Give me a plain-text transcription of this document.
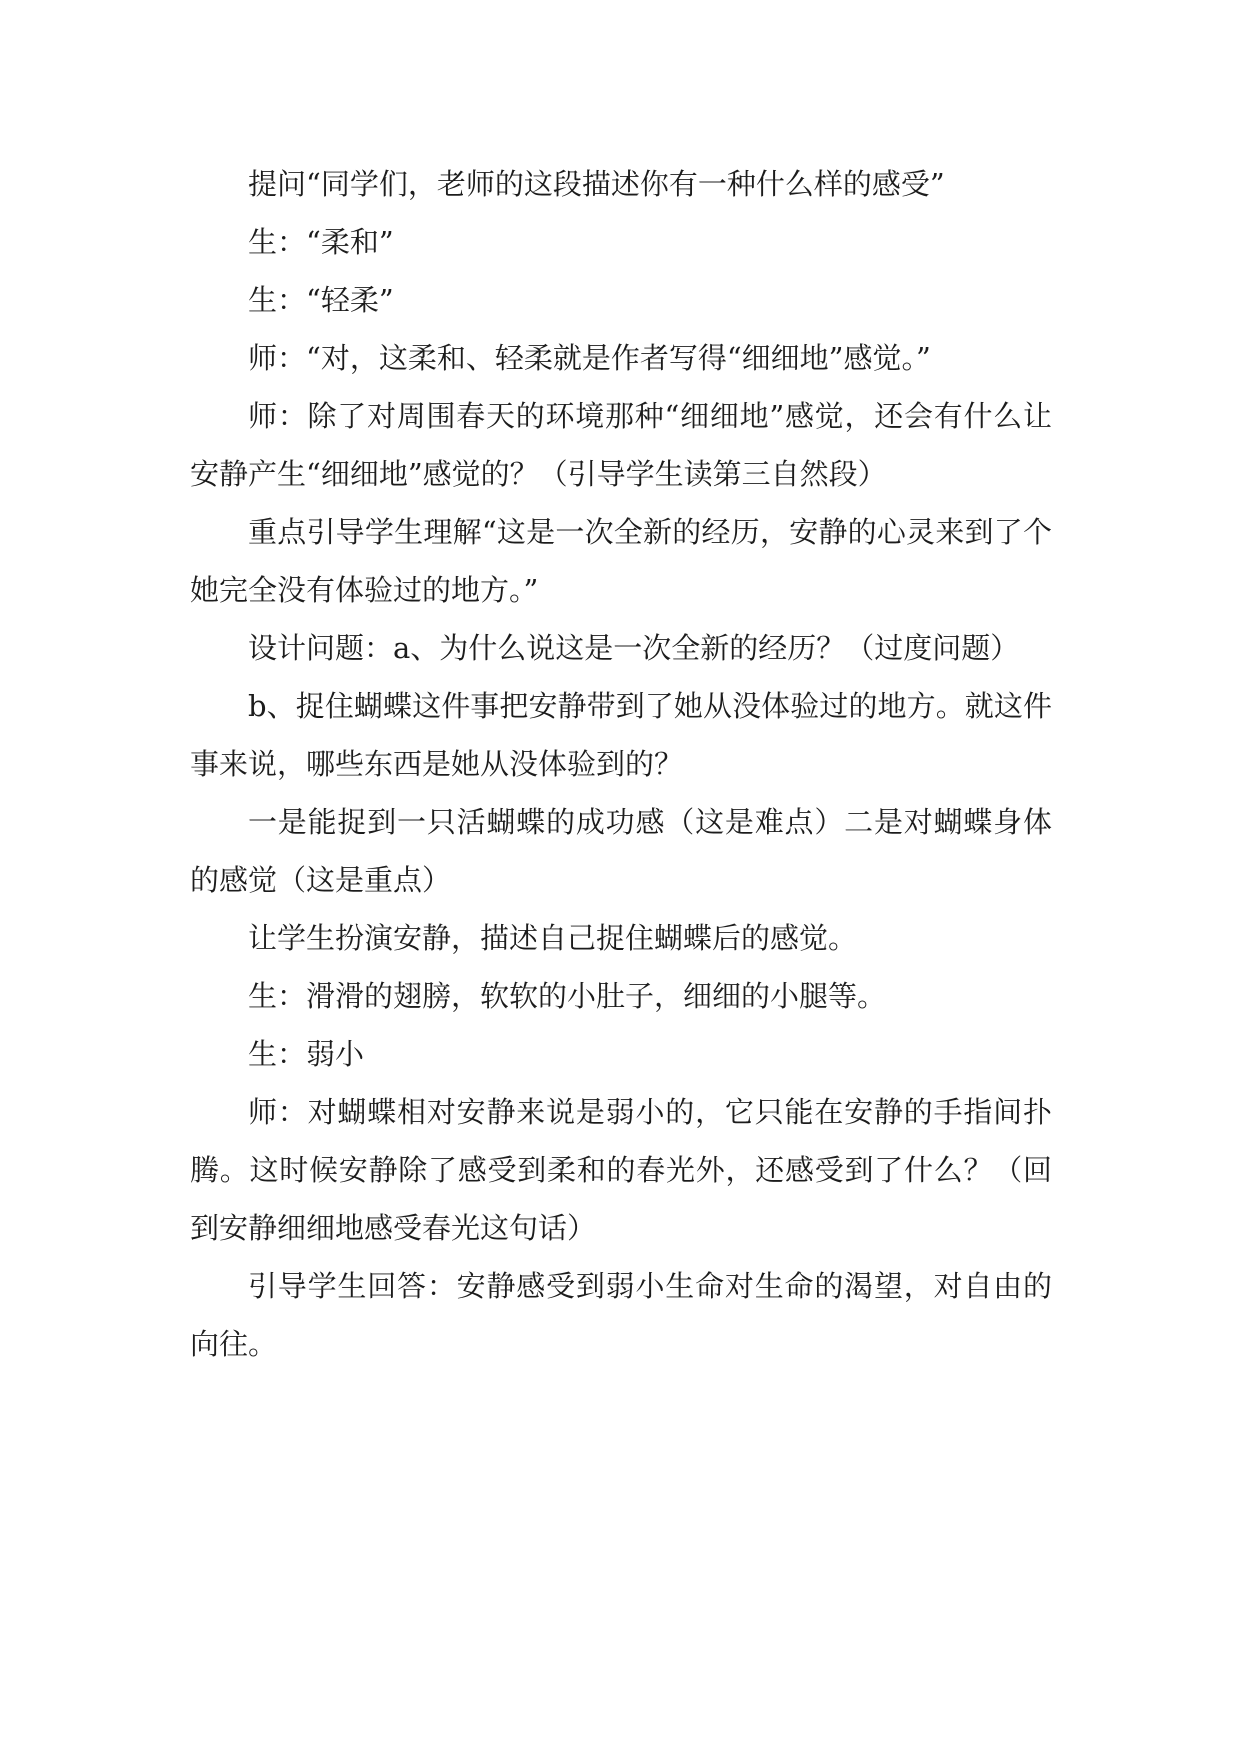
提问“同学们，老师的这段描述你有一种什么样的感受”

生：“柔和”

生：“轻柔”

师：“对，这柔和、轻柔就是作者写得“细细地”感觉。”

师：除了对周围春天的环境那种“细细地”感觉，还会有什么让安静产生“细细地”感觉的？（引导学生读第三自然段）

重点引导学生理解“这是一次全新的经历，安静的心灵来到了个她完全没有体验过的地方。”

设计问题：a、为什么说这是一次全新的经历？（过度问题）

b、捉住蝴蝶这件事把安静带到了她从没体验过的地方。就这件事来说，哪些东西是她从没体验到的？

一是能捉到一只活蝴蝶的成功感（这是难点）二是对蝴蝶身体的感觉（这是重点）

让学生扮演安静，描述自己捉住蝴蝶后的感觉。

生：滑滑的翅膀，软软的小肚子，细细的小腿等。

生：弱小

师：对蝴蝶相对安静来说是弱小的，它只能在安静的手指间扑腾。这时候安静除了感受到柔和的春光外，还感受到了什么？（回到安静细细地感受春光这句话）

引导学生回答：安静感受到弱小生命对生命的渴望，对自由的向往。
